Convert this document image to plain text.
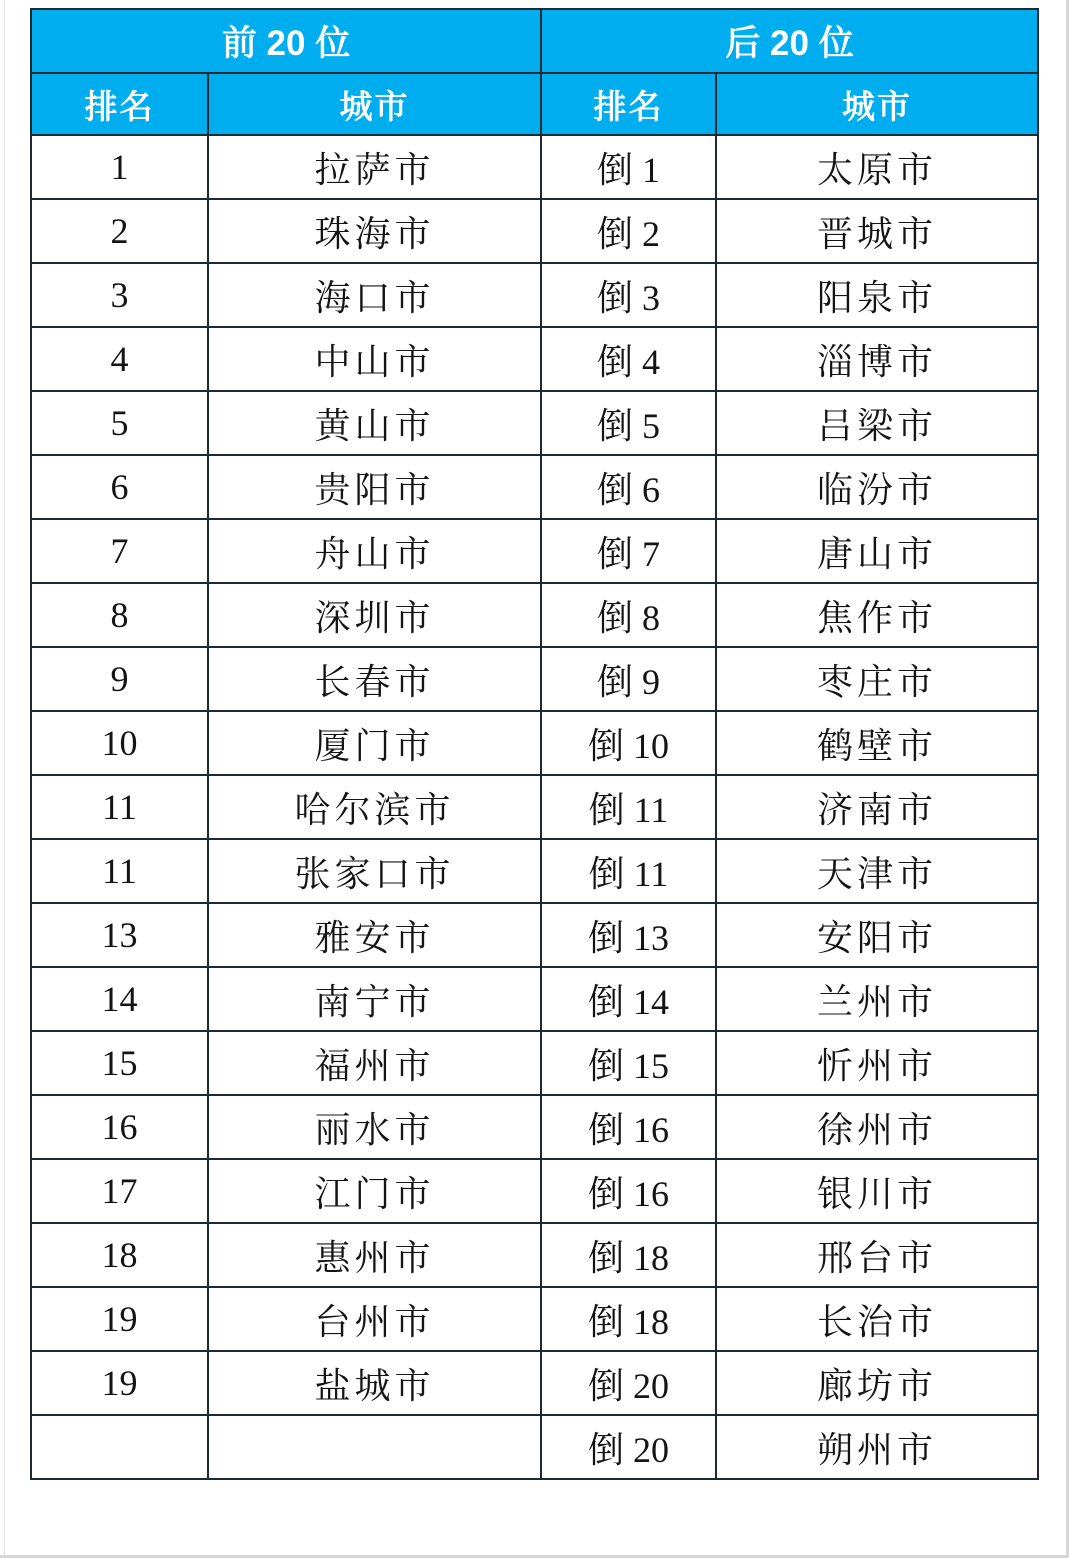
前 20 位		后 20 位	
排名	城市	排名	城市
1	拉萨市	倒 1	太原市
2	珠海市	倒 2	晋城市
3	海口市	倒 3	阳泉市
4	中山市	倒 4	淄博市
5	黄山市	倒 5	吕梁市
6	贵阳市	倒 6	临汾市
7	舟山市	倒 7	唐山市
8	深圳市	倒 8	焦作市
9	长春市	倒 9	枣庄市
10	厦门市	倒 10	鹤壁市
11	哈尔滨市	倒 11	济南市
11	张家口市	倒 11	天津市
13	雅安市	倒 13	安阳市
14	南宁市	倒 14	兰州市
15	福州市	倒 15	忻州市
16	丽水市	倒 16	徐州市
17	江门市	倒 16	银川市
18	惠州市	倒 18	邢台市
19	台州市	倒 18	长治市
19	盐城市	倒 20	廊坊市
		倒 20	朔州市
